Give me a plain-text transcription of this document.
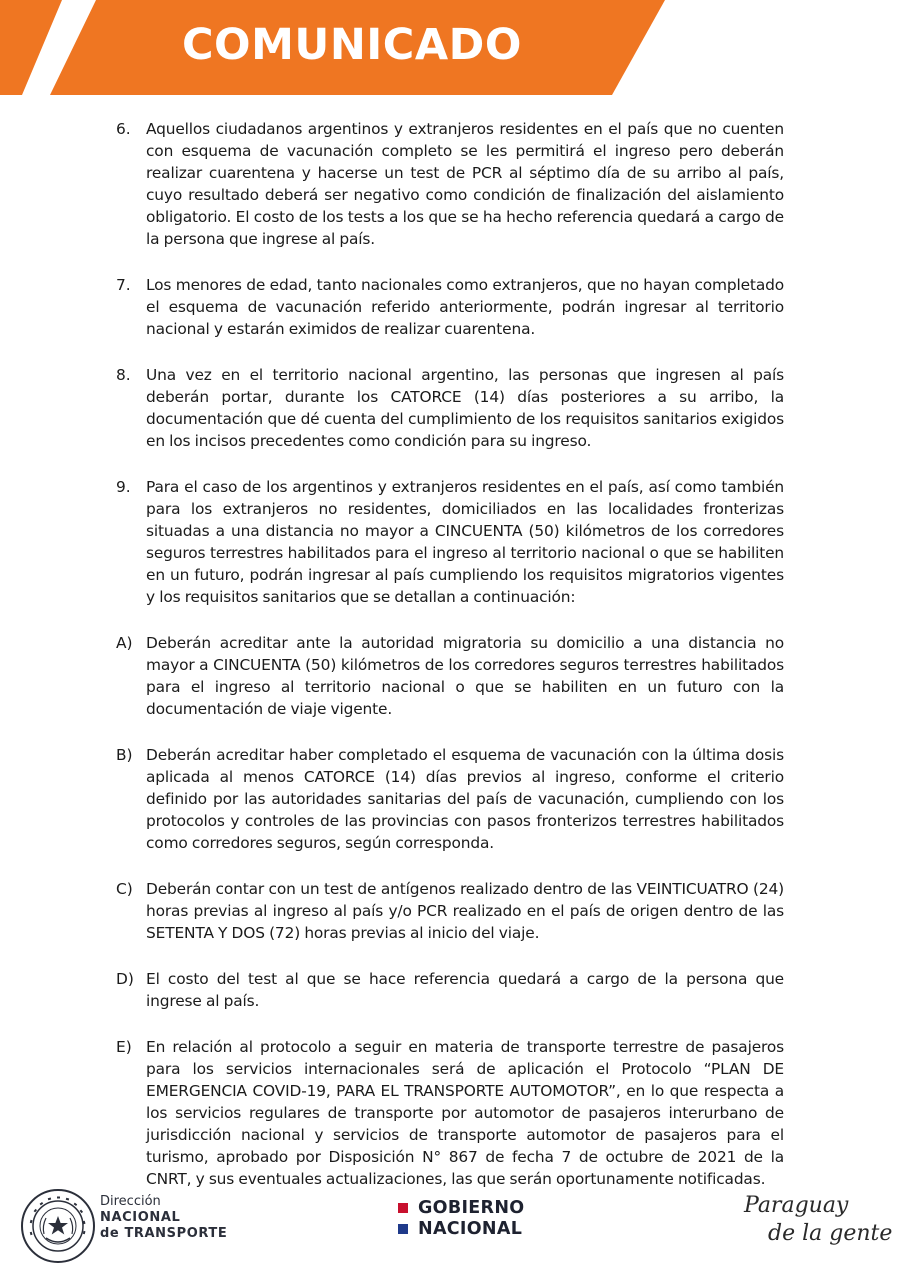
COMUNICADO
6. Aquellos ciudadanos argentinos y extranjeros residentes en el país que no cuenten con esquema de vacunación completo se les permitirá el ingreso pero deberán realizar cuarentena y hacerse un test de PCR al séptimo día de su arribo al país, cuyo resultado deberá ser negativo como condición de finalización del aislamiento obligatorio. El costo de los tests a los que se ha hecho referencia quedará a cargo de la persona que ingrese al país.
7. Los menores de edad, tanto nacionales como extranjeros, que no hayan completado el esquema de vacunación referido anteriormente, podrán ingresar al territorio nacional y estarán eximidos de realizar cuarentena.
8. Una vez en el territorio nacional argentino, las personas que ingresen al país deberán portar, durante los CATORCE (14) días posteriores a su arribo, la documentación que dé cuenta del cumplimiento de los requisitos sanitarios exigidos en los incisos precedentes como condición para su ingreso.
9. Para el caso de los argentinos y extranjeros residentes en el país, así como también para los extranjeros no residentes, domiciliados en las localidades fronterizas situadas a una distancia no mayor a CINCUENTA (50) kilómetros de los corredores seguros terrestres habilitados para el ingreso al territorio nacional o que se habiliten en un futuro, podrán ingresar al país cumpliendo los requisitos migratorios vigentes y los requisitos sanitarios que se detallan a continuación:
A) Deberán acreditar ante la autoridad migratoria su domicilio a una distancia no mayor a CINCUENTA (50) kilómetros de los corredores seguros terrestres habilitados para el ingreso al territorio nacional o que se habiliten en un futuro con la documentación de viaje vigente.
B) Deberán acreditar haber completado el esquema de vacunación con la última dosis aplicada al menos CATORCE (14) días previos al ingreso, conforme el criterio definido por las autoridades sanitarias del país de vacunación, cumpliendo con los protocolos y controles de las provincias con pasos fronterizos terrestres habilitados como corredores seguros, según corresponda.
C) Deberán contar con un test de antígenos realizado dentro de las VEINTICUATRO (24) horas previas al ingreso al país y/o PCR realizado en el país de origen dentro de las SETENTA Y DOS (72) horas previas al inicio del viaje.
D) El costo del test al que se hace referencia quedará a cargo de la persona que ingrese al país.
E) En relación al protocolo a seguir en materia de transporte terrestre de pasajeros para los servicios internacionales será de aplicación el Protocolo “PLAN DE EMERGENCIA COVID-19, PARA EL TRANSPORTE AUTOMOTOR”, en lo que respecta a los servicios regulares de transporte por automotor de pasajeros interurbano de jurisdicción nacional y servicios de transporte automotor de pasajeros para el turismo, aprobado por Disposición N° 867 de fecha 7 de octubre de 2021 de la CNRT, y sus eventuales actualizaciones, las que serán oportunamente notificadas.
Dirección
NACIONAL
de TRANSPORTE
GOBIERNO
NACIONAL
Paraguay
de la gente
